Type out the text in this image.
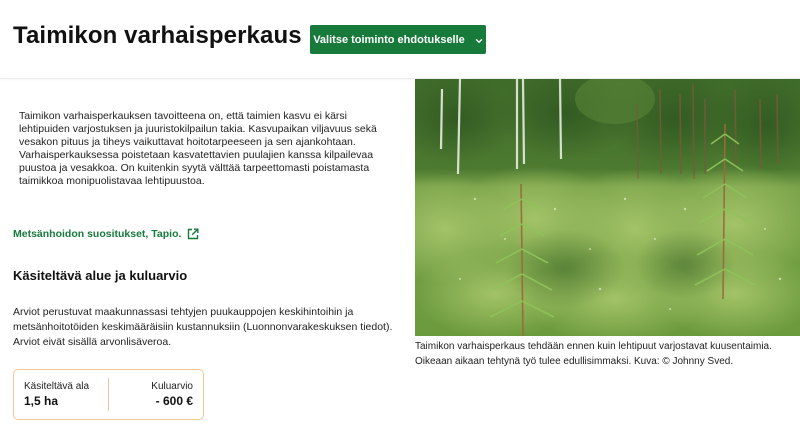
Taimikon varhaisperkaus Valitse toiminto ehdotukselle

Taimikon varhaisperkauksen tavoitteena on, että taimien kasvu ei kärsi lehtipuiden varjostuksen ja juuristokilpailun takia. Kasvupaikan viljavuus sekä vesakon pituus ja tiheys vaikuttavat hoitotarpeeseen ja sen ajankohtaan. Varhaisperkauksessa poistetaan kasvatettavien puulajien kanssa kilpailevaa puustoa ja vesakkoa. On kuitenkin syytä välttää tarpeettomasti poistamasta taimikkoa monipuolistavaa lehtipuustoa.

Metsänhoidon suositukset, Tapio.
Käsiteltävä alue ja kuluarvio

Arviot perustuvat maakunnassasi tehtyjen puukauppojen keskihintoihin ja metsänhoitotöiden keskimääräisiin kustannuksiin (Luonnonvarakeskuksen tiedot). Arviot eivät sisällä arvonlisäveroa.

Käsiteltävä ala
1,5 ha
Kuluarvio
- 600 €

Taimikon varhaisperkaus tehdään ennen kuin lehtipuut varjostavat kuusentaimia. Oikeaan aikaan tehtynä työ tulee edullisimmaksi. Kuva: © Johnny Sved.
